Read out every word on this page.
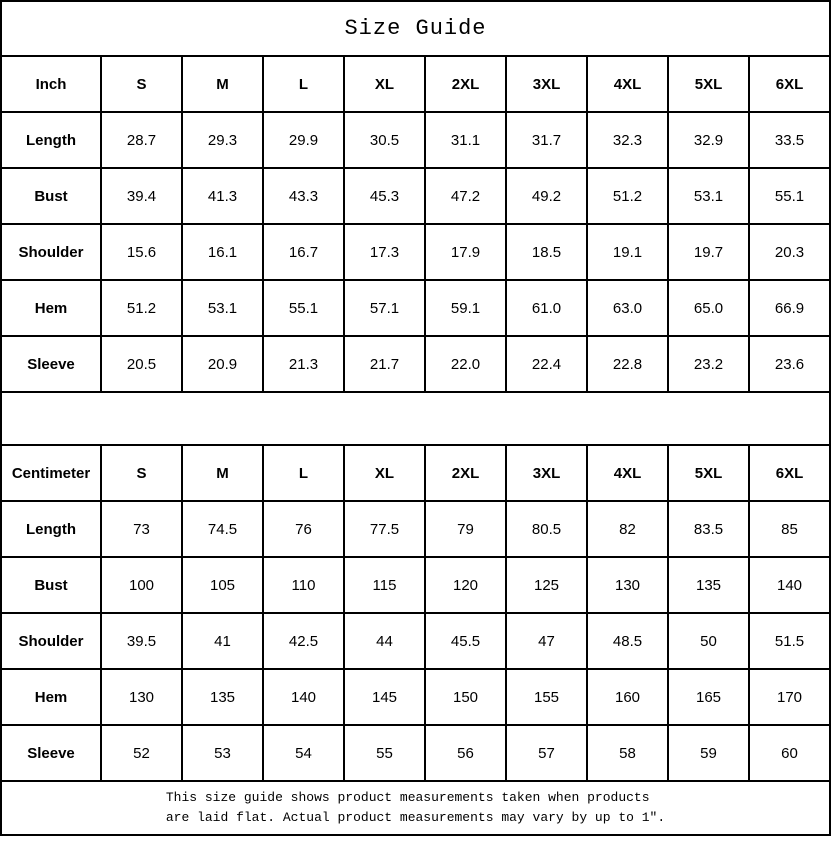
Size Guide									
Inch	S	M	L	XL	2XL	3XL	4XL	5XL	6XL
Length	28.7	29.3	29.9	30.5	31.1	31.7	32.3	32.9	33.5
Bust	39.4	41.3	43.3	45.3	47.2	49.2	51.2	53.1	55.1
Shoulder	15.6	16.1	16.7	17.3	17.9	18.5	19.1	19.7	20.3
Hem	51.2	53.1	55.1	57.1	59.1	61.0	63.0	65.0	66.9
Sleeve	20.5	20.9	21.3	21.7	22.0	22.4	22.8	23.2	23.6

Centimeter	S	M	L	XL	2XL	3XL	4XL	5XL	6XL
Length	73	74.5	76	77.5	79	80.5	82	83.5	85
Bust	100	105	110	115	120	125	130	135	140
Shoulder	39.5	41	42.5	44	45.5	47	48.5	50	51.5
Hem	130	135	140	145	150	155	160	165	170
Sleeve	52	53	54	55	56	57	58	59	60

This size guide shows product measurements taken when products
are laid flat. Actual product measurements may vary by up to 1″.									
